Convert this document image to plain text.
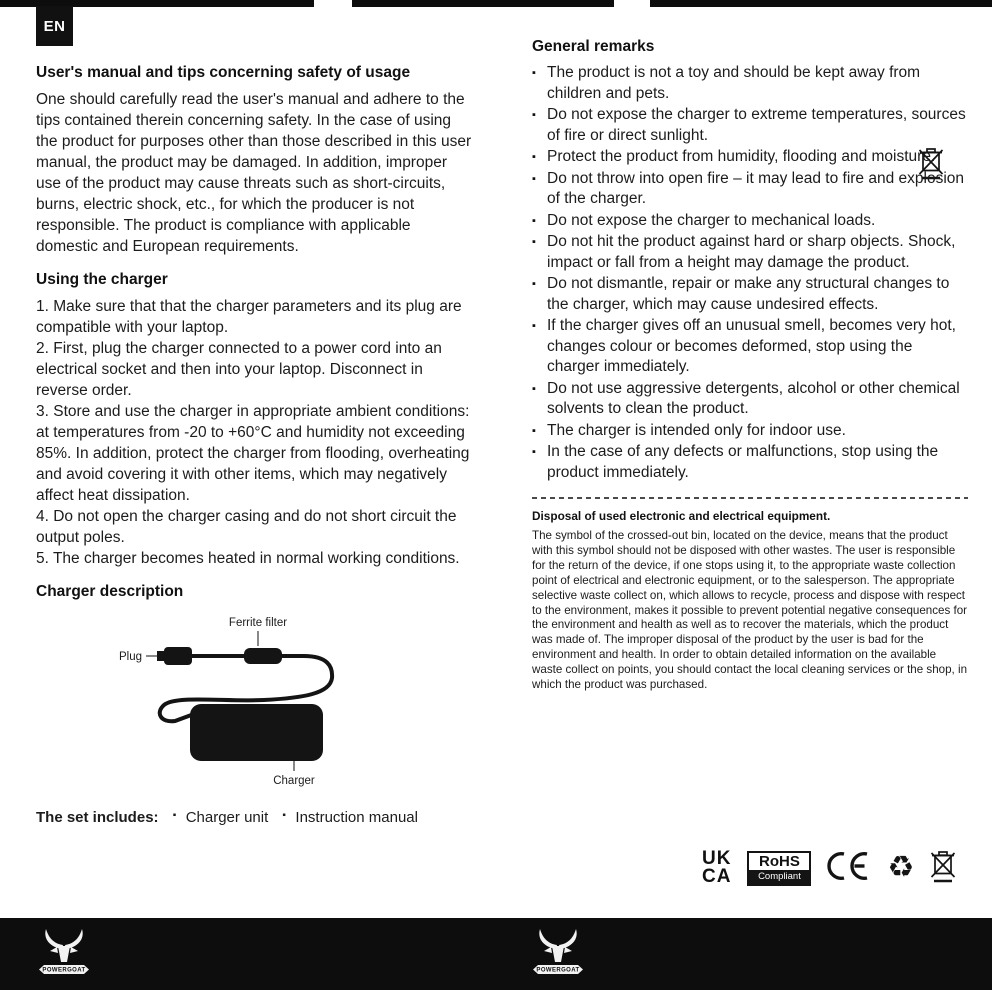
EN
User's manual and tips concerning safety of usage

One should carefully read the user's manual and adhere to the tips contained therein concerning safety. In the case of using the product for purposes other than those described in this user manual, the product may be damaged. In addition, improper use of the product may cause threats such as short-circuits, burns, electric shock, etc., for which the producer is not responsible. The product is compliance with applicable domestic and European requirements.

Using the charger

1. Make sure that that the charger parameters and its plug are compatible with your laptop.

2. First, plug the charger connected to a power cord into an electrical socket and then into your laptop. Disconnect in reverse order.

3. Store and use the charger in appropriate ambient conditions: at temperatures from -20 to +60°C and humidity not exceeding 85%. In addition, protect the charger from flooding, overheating and avoid covering it with other items, which may negatively affect heat dissipation.

4. Do not open the charger casing and do not short circuit the output poles.

5. The charger becomes heated in normal working conditions.

Charger description
Ferrite filter
Plug
Charger
The set includes: ▪ Charger unit ▪ Instruction manual
General remarks
▪ The product is not a toy and should be kept away from children and pets.
▪ Do not expose the charger to extreme temperatures, sources of fire or direct sunlight.
▪ Protect the product from humidity, flooding and moisture.
▪ Do not throw into open fire – it may lead to fire and explosion of the charger.
▪ Do not expose the charger to mechanical loads.
▪ Do not hit the product against hard or sharp objects. Shock, impact or fall from a height may damage the product.
▪ Do not dismantle, repair or make any structural changes to the charger, which may cause undesired effects.
▪ If the charger gives off an unusual smell, becomes very hot, changes colour or becomes deformed, stop using the charger immediately.
▪ Do not use aggressive detergents, alcohol or other chemical solvents to clean the product.
▪ The charger is intended only for indoor use.
▪ In the case of any defects or malfunctions, stop using the product immediately.
Disposal of used electronic and electrical equipment.

The symbol of the crossed-out bin, located on the device, means that the product with this symbol should not be disposed with other wastes. The user is responsible for the return of the device, if one stops using it, to the appropriate waste collection point of electrical and electronic equipment, or to the salesperson. The appropriate selective waste collect on, which allows to recycle, process and dispose with respect to the environment, makes it possible to prevent potential negative consequences for the environment and health as well as to recover the materials, which the product was made of. The improper disposal of the product by the user is bad for the environment and health. In order to obtain detailed information on the available waste collect on points, you should contact the local cleaning services or the shop, in which the product was purchased.

UK
CA
RoHS
Compliant	♻
POWERGOAT	POWERGOAT
